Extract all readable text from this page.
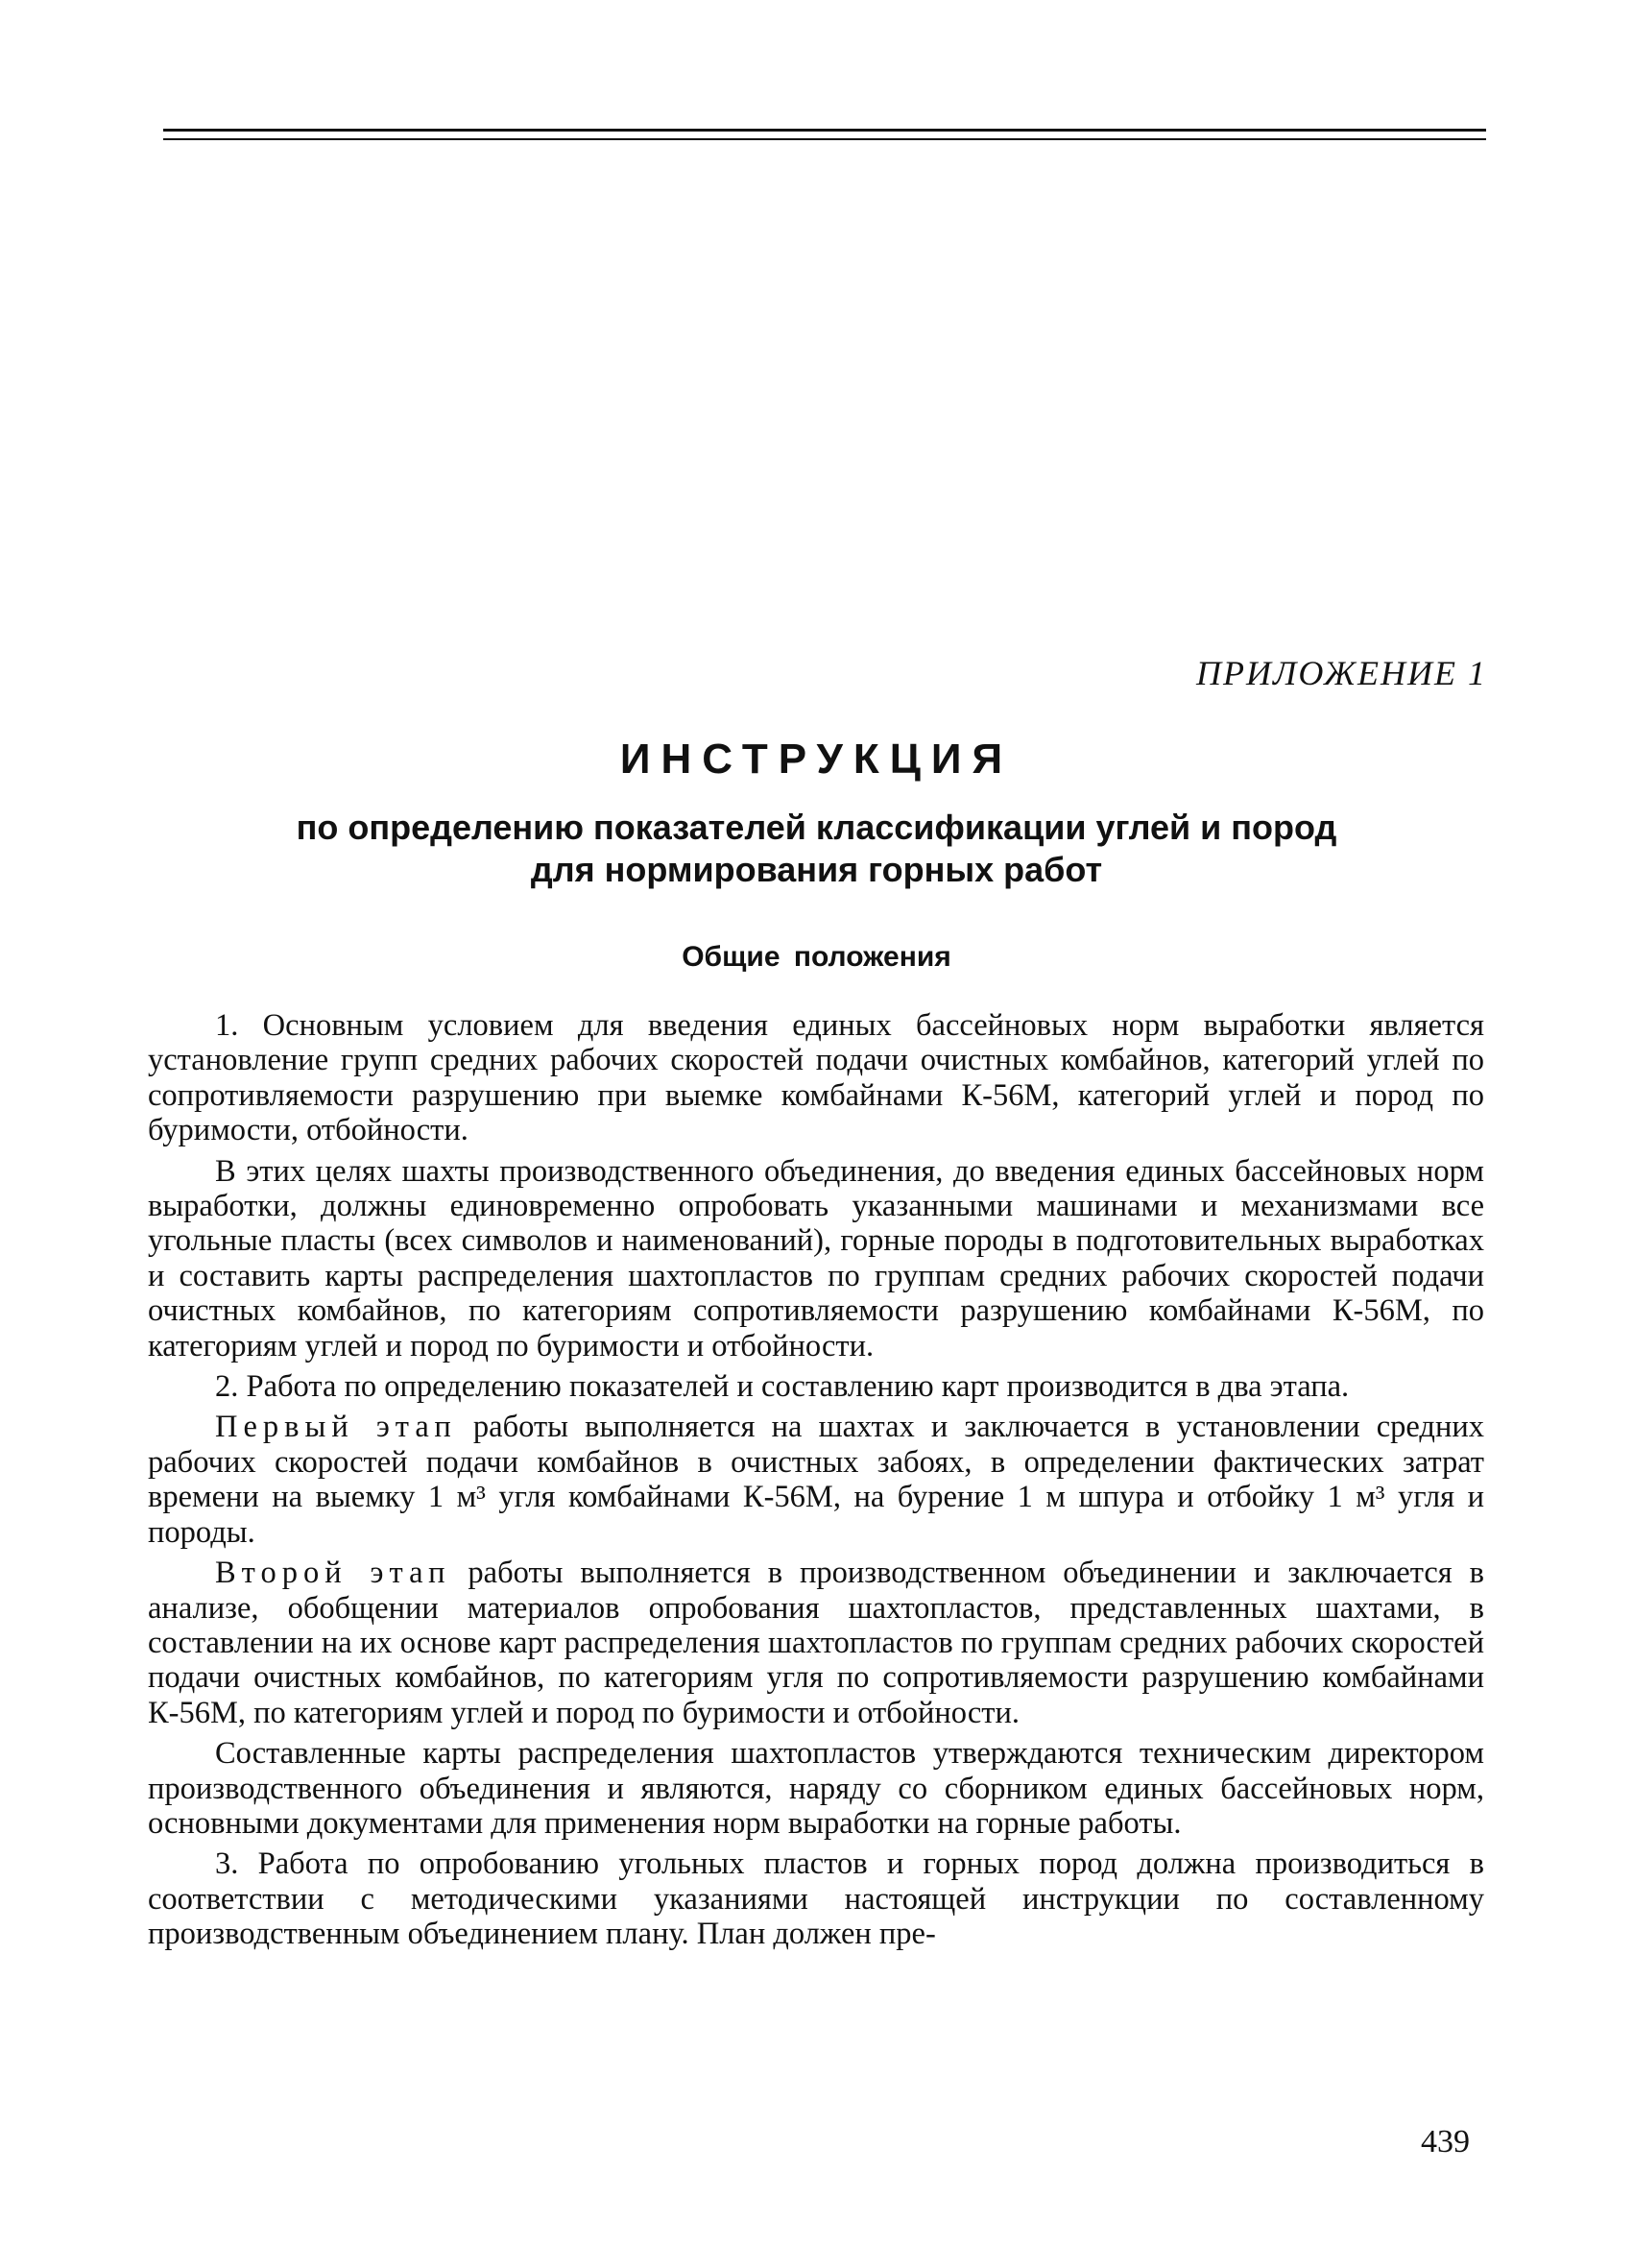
ПРИЛОЖЕНИЕ 1
ИНСТРУКЦИЯ
по определению показателей классификации углей и пород
для нормирования горных работ
Общие положения

1. Основным условием для введения единых бассейновых норм выработки является установление групп средних рабочих скоростей подачи очистных комбайнов, категорий углей по сопротивляемости разрушению при выемке комбайнами К-56М, категорий углей и пород по буримости, отбойности.

В этих целях шахты производственного объединения, до введения единых бассейновых норм выработки, должны единовременно опробовать указанными машинами и механизмами все угольные пласты (всех символов и наименований), горные породы в подготовительных выработках и составить карты распределения шахтопластов по группам средних рабочих скоростей подачи очистных комбайнов, по категориям сопротивляемости разрушению комбайнами К-56М, по категориям углей и пород по буримости и отбойности.

2. Работа по определению показателей и составлению карт производится в два этапа.

Первый этап работы выполняется на шахтах и заключается в установлении средних рабочих скоростей подачи комбайнов в очистных забоях, в определении фактических затрат времени на выемку 1 м³ угля комбайнами К-56М, на бурение 1 м шпура и отбойку 1 м³ угля и породы.

Второй этап работы выполняется в производственном объединении и заключается в анализе, обобщении материалов опробования шахтопластов, представленных шахтами, в составлении на их основе карт распределения шахтопластов по группам средних рабочих скоростей подачи очистных комбайнов, по категориям угля по сопротивляемости разрушению комбайнами К-56М, по категориям углей и пород по буримости и отбойности.

Составленные карты распределения шахтопластов утверждаются техническим директором производственного объединения и являются, наряду со сборником единых бассейновых норм, основными документами для применения норм выработки на горные работы.

3. Работа по опробованию угольных пластов и горных пород должна производиться в соответствии с методическими указаниями настоящей инструкции по составленному производственным объединением плану. План должен пре-

439
